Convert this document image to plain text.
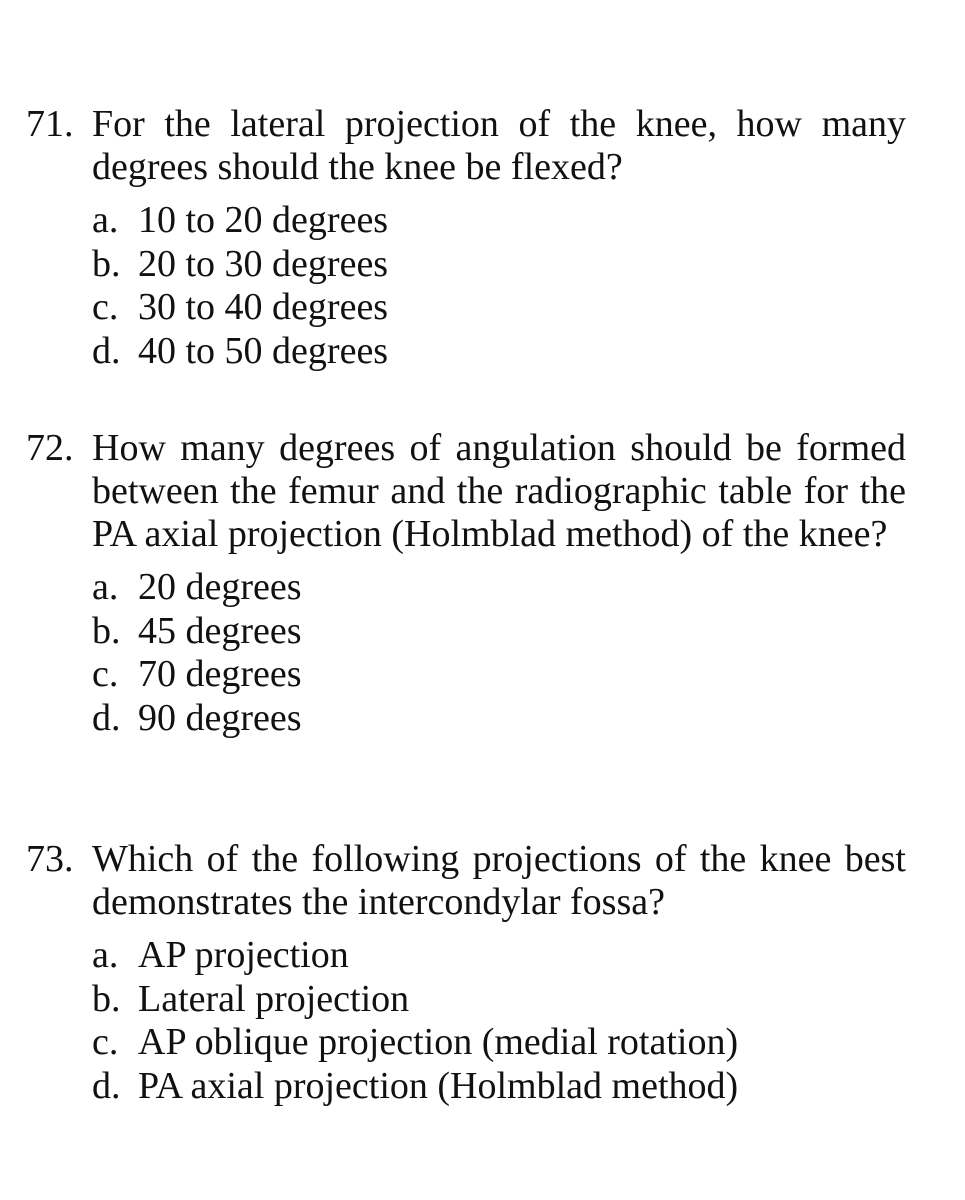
71. For the lateral projection of the knee, how many degrees should the knee be flexed?
a. 10 to 20 degrees
b. 20 to 30 degrees
c. 30 to 40 degrees
d. 40 to 50 degrees
72. How many degrees of angulation should be formed between the femur and the radiographic table for the PA axial projection (Holmblad method) of the knee?
a. 20 degrees
b. 45 degrees
c. 70 degrees
d. 90 degrees
73. Which of the following projections of the knee best demonstrates the intercondylar fossa?
a. AP projection
b. Lateral projection
c. AP oblique projection (medial rotation)
d. PA axial projection (Holmblad method)
